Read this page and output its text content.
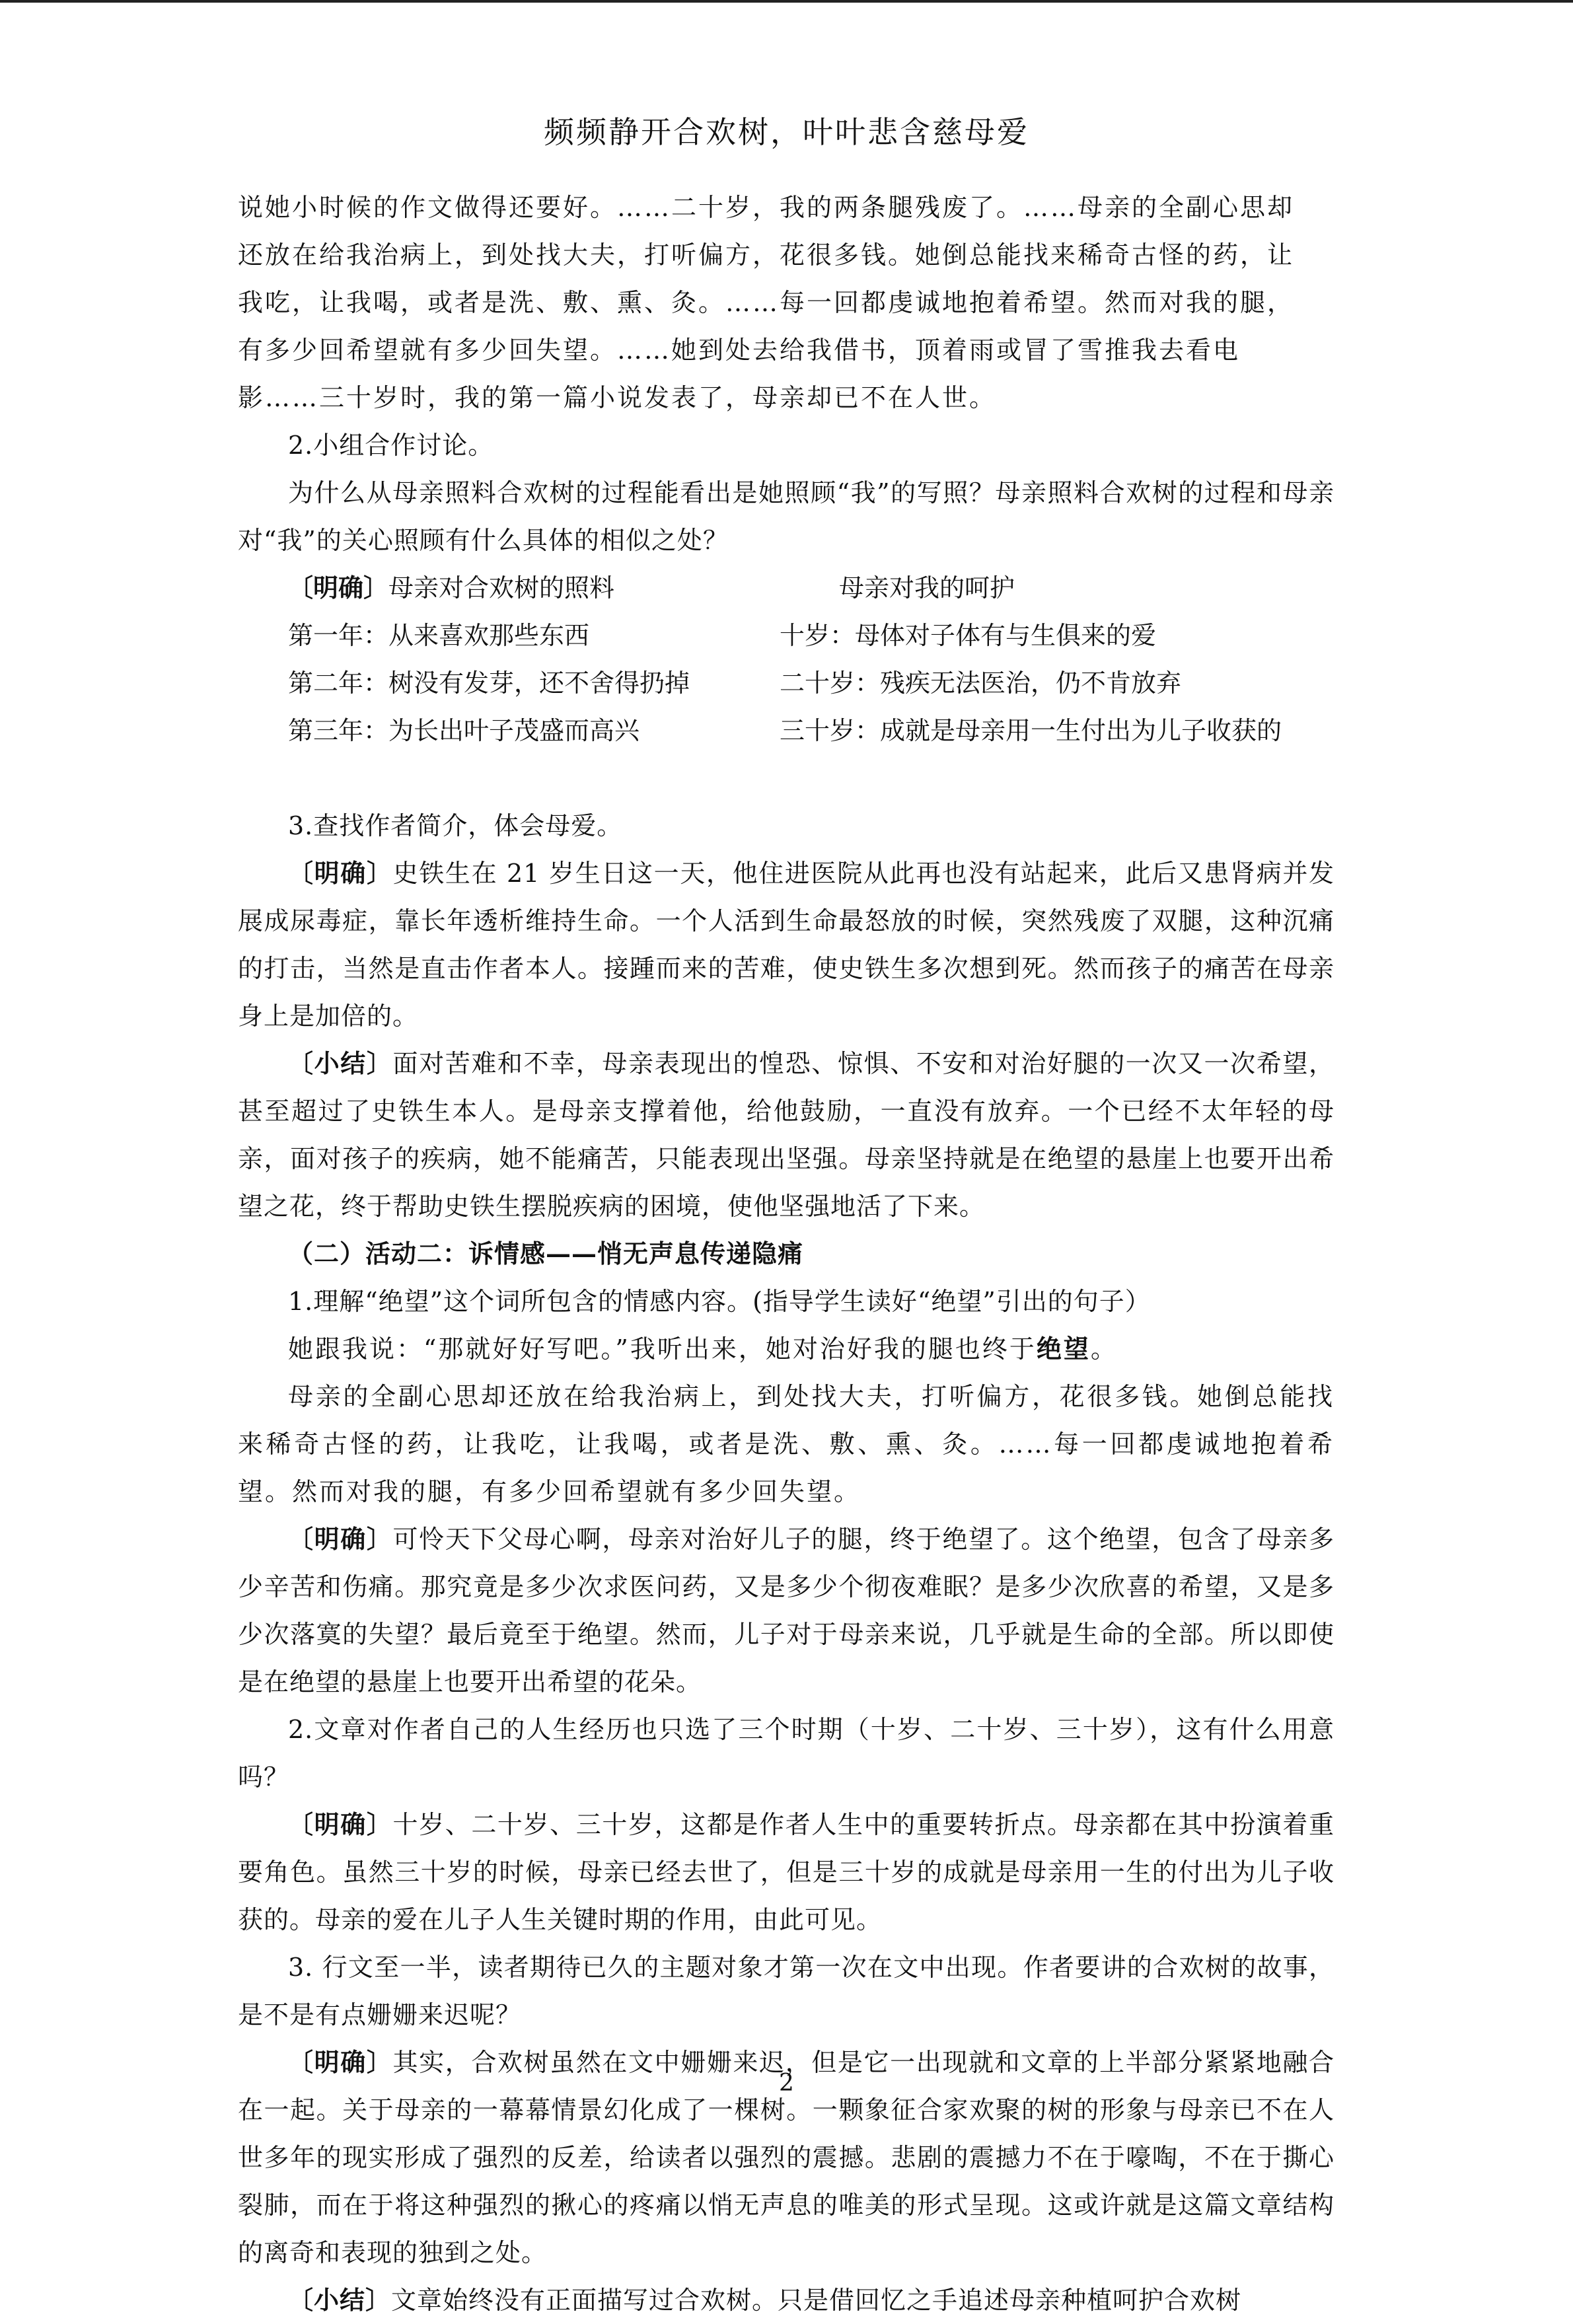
频频静开合欢树，叶叶悲含慈母爱

说她小时候的作文做得还要好。……二十岁，我的两条腿残废了。……母亲的全副心思却

还放在给我治病上，到处找大夫，打听偏方，花很多钱。她倒总能找来稀奇古怪的药，让

我吃，让我喝，或者是洗、敷、熏、灸。……每一回都虔诚地抱着希望。然而对我的腿，

有多少回希望就有多少回失望。……她到处去给我借书，顶着雨或冒了雪推我去看电

影……三十岁时，我的第一篇小说发表了，母亲却已不在人世。

2.小组合作讨论。

为什么从母亲照料合欢树的过程能看出是她照顾“我”的写照？母亲照料合欢树的过程和母亲对“我”的关心照顾有什么具体的相似之处？

〔明确〕母亲对合欢树的照料	母亲对我的呵护
第一年：从来喜欢那些东西	十岁：母体对子体有与生俱来的爱
第二年：树没有发芽，还不舍得扔掉	二十岁：残疾无法医治，仍不肯放弃
第三年：为长出叶子茂盛而高兴	三十岁：成就是母亲用一生付出为儿子收获的

3.查找作者简介，体会母爱。

〔明确〕史铁生在 21 岁生日这一天，他住进医院从此再也没有站起来，此后又患肾病并发展成尿毒症，靠长年透析维持生命。一个人活到生命最怒放的时候，突然残废了双腿，这种沉痛的打击，当然是直击作者本人。接踵而来的苦难，使史铁生多次想到死。然而孩子的痛苦在母亲身上是加倍的。

〔小结〕面对苦难和不幸，母亲表现出的惶恐、惊惧、不安和对治好腿的一次又一次希望，甚至超过了史铁生本人。是母亲支撑着他，给他鼓励，一直没有放弃。一个已经不太年轻的母亲，面对孩子的疾病，她不能痛苦，只能表现出坚强。母亲坚持就是在绝望的悬崖上也要开出希望之花，终于帮助史铁生摆脱疾病的困境，使他坚强地活了下来。

（二）活动二：诉情感——悄无声息传递隐痛

1.理解“绝望”这个词所包含的情感内容。(指导学生读好“绝望”引出的句子）

她跟我说：“那就好好写吧。”我听出来，她对治好我的腿也终于绝望。

母亲的全副心思却还放在给我治病上，到处找大夫，打听偏方，花很多钱。她倒总能找来稀奇古怪的药，让我吃，让我喝，或者是洗、敷、熏、灸。……每一回都虔诚地抱着希望。然而对我的腿，有多少回希望就有多少回失望。

〔明确〕可怜天下父母心啊，母亲对治好儿子的腿，终于绝望了。这个绝望，包含了母亲多少辛苦和伤痛。那究竟是多少次求医问药，又是多少个彻夜难眠？是多少次欣喜的希望，又是多少次落寞的失望？最后竟至于绝望。然而，儿子对于母亲来说，几乎就是生命的全部。所以即使是在绝望的悬崖上也要开出希望的花朵。

2.文章对作者自己的人生经历也只选了三个时期（十岁、二十岁、三十岁），这有什么用意吗？

〔明确〕十岁、二十岁、三十岁，这都是作者人生中的重要转折点。母亲都在其中扮演着重要角色。虽然三十岁的时候，母亲已经去世了，但是三十岁的成就是母亲用一生的付出为儿子收获的。母亲的爱在儿子人生关键时期的作用，由此可见。

3. 行文至一半，读者期待已久的主题对象才第一次在文中出现。作者要讲的合欢树的故事，是不是有点姗姗来迟呢？

〔明确〕其实，合欢树虽然在文中姗姗来迟，但是它一出现就和文章的上半部分紧紧地融合在一起。关于母亲的一幕幕情景幻化成了一棵树。一颗象征合家欢聚的树的形象与母亲已不在人世多年的现实形成了强烈的反差，给读者以强烈的震撼。悲剧的震撼力不在于嚎啕，不在于撕心裂肺，而在于将这种强烈的揪心的疼痛以悄无声息的唯美的形式呈现。这或许就是这篇文章结构的离奇和表现的独到之处。

〔小结〕文章始终没有正面描写过合欢树。只是借回忆之手追述母亲种植呵护合欢树

2
